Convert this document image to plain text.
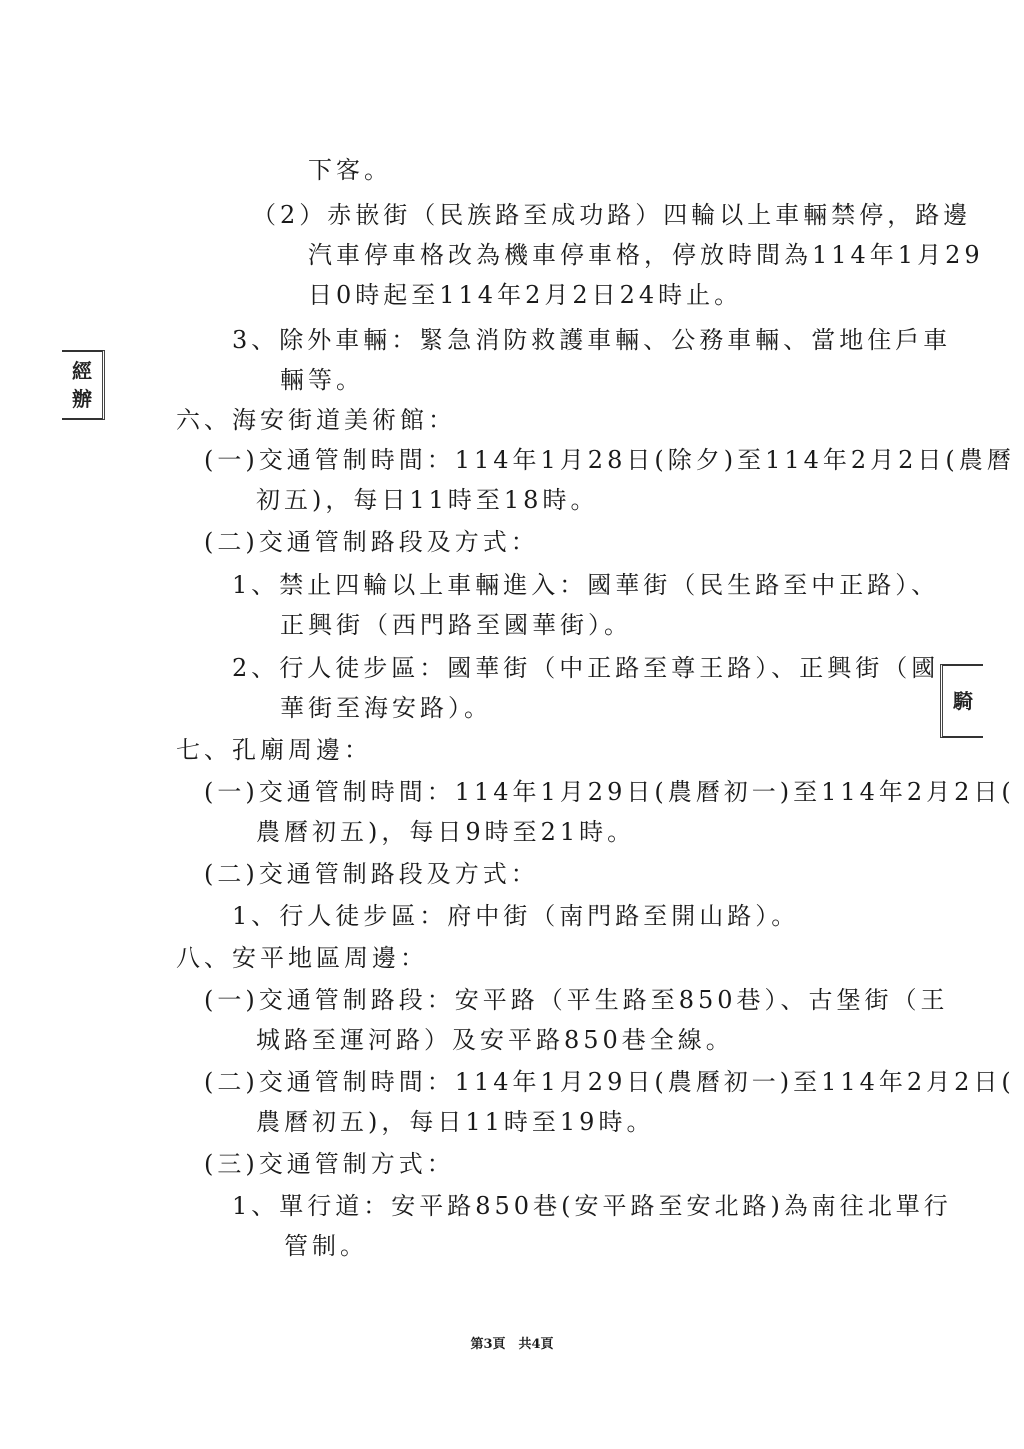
經
辦
騎
下客。
（2）赤嵌街（民族路至成功路）四輪以上車輛禁停，路邊
汽車停車格改為機車停車格，停放時間為114年1月29
日0時起至114年2月2日24時止。
3、除外車輛：緊急消防救護車輛、公務車輛、當地住戶車
輛等。
六、海安街道美術館：
(一)交通管制時間：114年1月28日(除夕)至114年2月2日(農曆
初五)，每日11時至18時。
(二)交通管制路段及方式：
1、禁止四輪以上車輛進入：國華街（民生路至中正路）、
正興街（西門路至國華街）。
2、行人徒步區：國華街（中正路至尊王路）、正興街（國
華街至海安路）。
七、孔廟周邊：
(一)交通管制時間：114年1月29日(農曆初一)至114年2月2日(
農曆初五)，每日9時至21時。
(二)交通管制路段及方式：
1、行人徒步區：府中街（南門路至開山路）。
八、安平地區周邊：
(一)交通管制路段：安平路（平生路至850巷）、古堡街（王
城路至運河路）及安平路850巷全線。
(二)交通管制時間：114年1月29日(農曆初一)至114年2月2日(
農曆初五)，每日11時至19時。
(三)交通管制方式：
1、單行道：安平路850巷(安平路至安北路)為南往北單行
管制。
第3頁　共4頁
